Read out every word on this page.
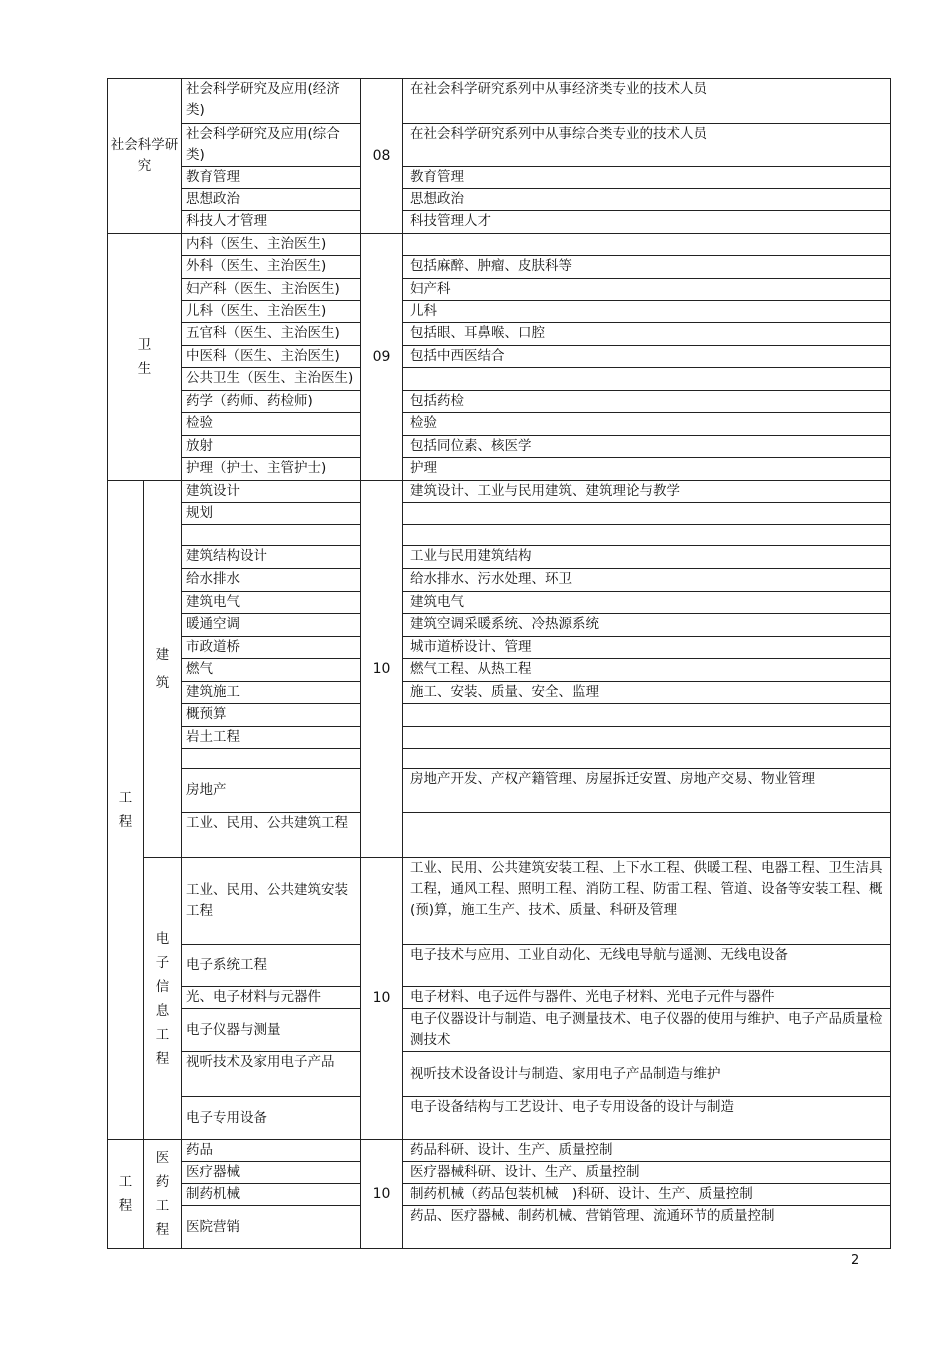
社会科学研究		社会科学研究及应用(经济类)	08	在社会科学研究系列中从事经济类专业的技术人员
		社会科学研究及应用(综合类)		在社会科学研究系列中从事综合类专业的技术人员
		教育管理		教育管理
		思想政治		思想政治
		科技人才管理		科技管理人才
卫生		内科（医生、主治医生)	09	
		外科（医生、主治医生)		包括麻醉、肿瘤、皮肤科等
		妇产科（医生、主治医生)		妇产科
		儿科（医生、主治医生)		儿科
		五官科（医生、主治医生)		包括眼、耳鼻喉、口腔
		中医科（医生、主治医生)		包括中西医结合
		公共卫生（医生、主治医生)		
		药学（药师、药检师)		包括药检
		检验		检验
		放射		包括同位素、核医学
		护理（护士、主管护士)		护理
工程	建筑	建筑设计	10	建筑设计、工业与民用建筑、建筑理论与教学
		规划		

		建筑结构设计		工业与民用建筑结构
		给水排水		给水排水、污水处理、环卫
		建筑电气		建筑电气
		暖通空调		建筑空调采暖系统、冷热源系统
		市政道桥		城市道桥设计、管理
		燃气		燃气工程、从热工程
		建筑施工		施工、安装、质量、安全、监理
		概预算		
		岩土工程		

		房地产		房地产开发、产权产籍管理、房屋拆迁安置、房地产交易、物业管理
		工业、民用、公共建筑工程		
	电子信息工程	工业、民用、公共建筑安装工程	10	工业、民用、公共建筑安装工程、上下水工程、供暖工程、电器工程、卫生洁具工程，通风工程、照明工程、消防工程、防雷工程、管道、设备等安装工程、概　　(预)算，施工生产、技术、质量、科研及管理
		电子系统工程		电子技术与应用、工业自动化、无线电导航与遥测、无线电设备
		光、电子材料与元器件		电子材料、电子远件与器件、光电子材料、光电子元件与器件
		电子仪器与测量		电子仪器设计与制造、电子测量技术、电子仪器的使用与维护、电子产品质量检测技术
		视听技术及家用电子产品		视听技术设备设计与制造、家用电子产品制造与维护
		电子专用设备		电子设备结构与工艺设计、电子专用设备的设计与制造
工程	医药工程	药品	10	药品科研、设计、生产、质量控制
		医疗器械		医疗器械科研、设计、生产、质量控制
		制药机械		制药机械（药品包装机械　)科研、设计、生产、质量控制
		医院营销		药品、医疗器械、制药机械、营销管理、流通环节的质量控制
2
